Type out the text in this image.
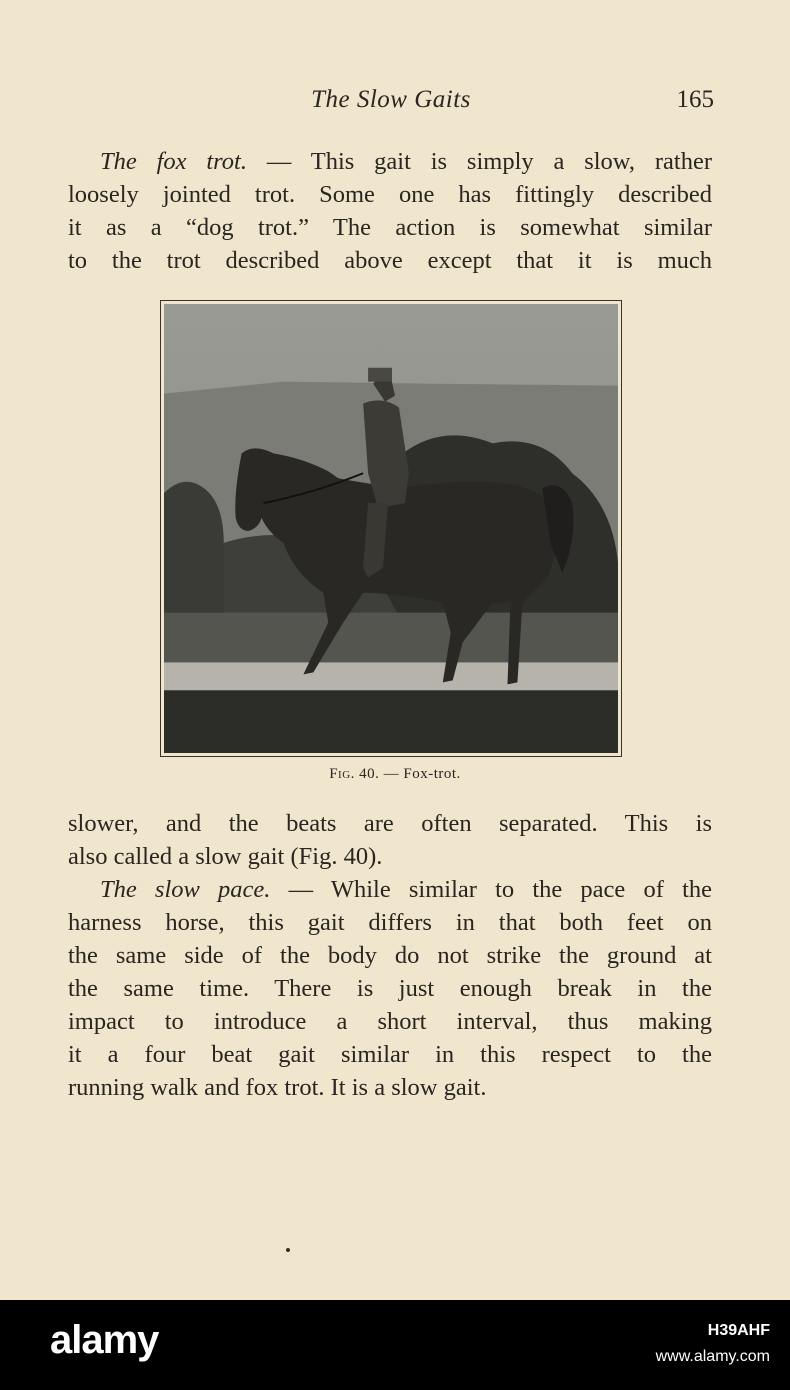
The Slow Gaits	165

The fox trot. — This gait is simply a slow, rather
loosely jointed trot. Some one has fittingly described
it as a “dog trot.” The action is somewhat similar
to the trot described above except that it is much

Fig. 40. — Fox-trot.

slower, and the beats are often separated. This is
also called a slow gait (Fig. 40).

The slow pace. — While similar to the pace of the
harness horse, this gait differs in that both feet on
the same side of the body do not strike the ground at
the same time. There is just enough break in the
impact to introduce a short interval, thus making
it a four beat gait similar in this respect to the
running walk and fox trot. It is a slow gait.

alamy	H39AHF
www.alamy.com
